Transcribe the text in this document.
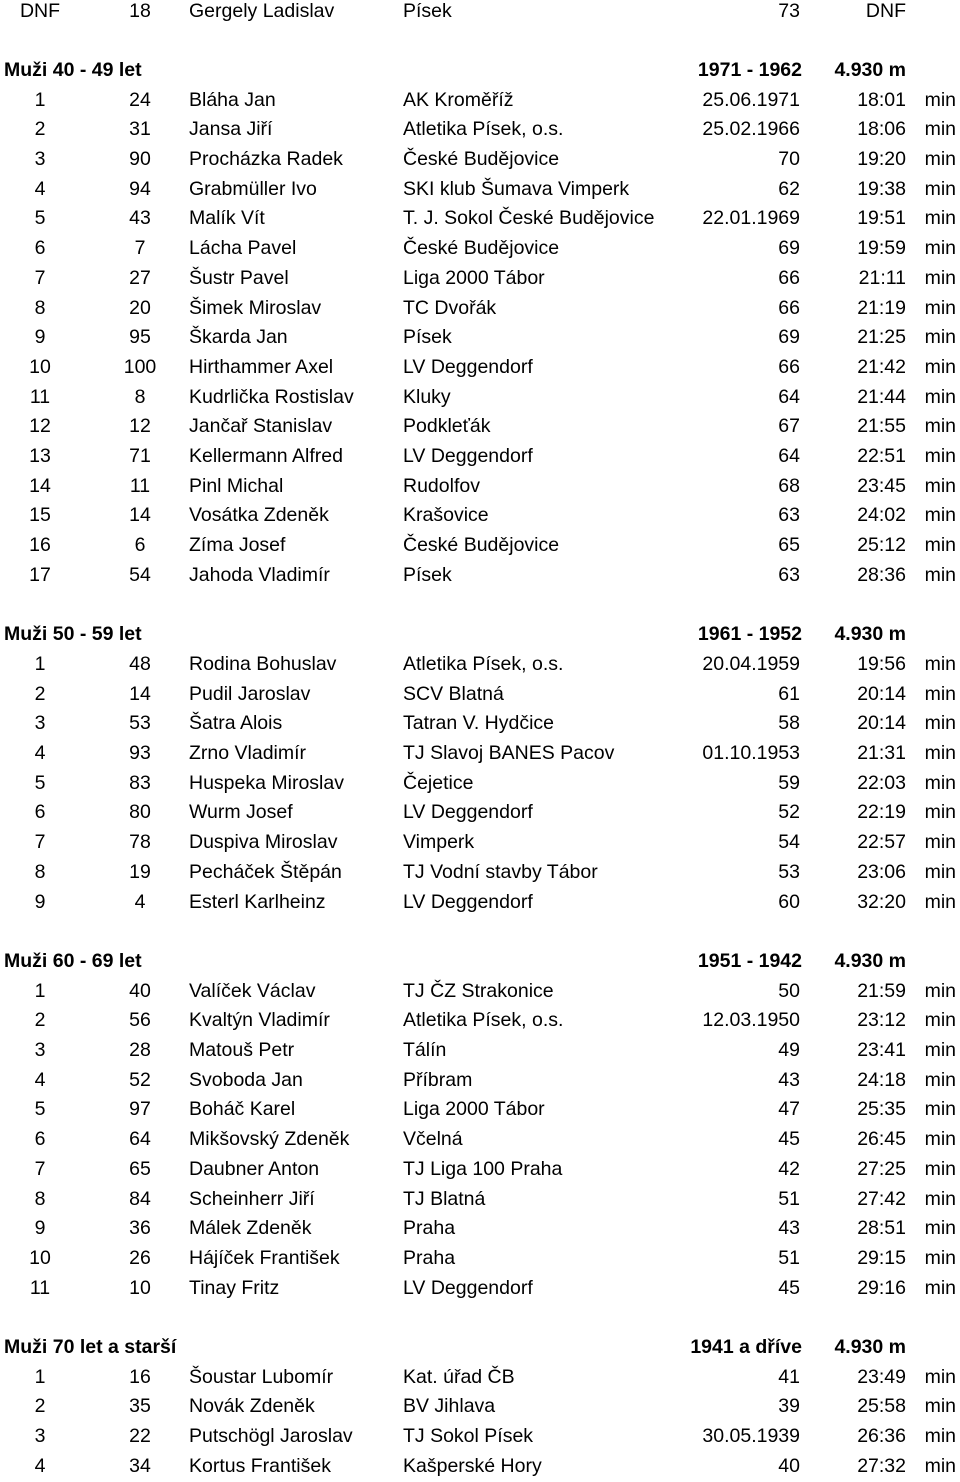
DNF	18	Gergely Ladislav	Písek	73	DNF
Muži 40 - 49 let	1971 - 1962 4.930 m
1	24	Bláha Jan	AK Kroměříž	25.06.1971	18:01 min
2	31	Jansa Jiří	Atletika Písek, o.s.	25.02.1966	18:06 min
3	90	Procházka Radek	České Budějovice	70	19:20 min
4	94	Grabmüller Ivo	SKI klub Šumava Vimperk	62	19:38 min
5	43	Malík Vít	T. J. Sokol České Budějovice 22.01.1969	19:51 min
6	7	Lácha Pavel	České Budějovice	69	19:59 min
7	27	Šustr Pavel	Liga 2000 Tábor	66	21:11 min
8	20	Šimek Miroslav	TC Dvořák	66	21:19 min
9	95	Škarda Jan	Písek	69	21:25 min
10	100	Hirthammer Axel	LV Deggendorf	66	21:42 min
11	8	Kudrlička Rostislav	Kluky	64	21:44 min
12	12	Jančař Stanislav	Podkleťák	67	21:55 min
13	71	Kellermann Alfred	LV Deggendorf	64	22:51 min
14	11	Pinl Michal	Rudolfov	68	23:45 min
15	14	Vosátka Zdeněk	Krašovice	63	24:02 min
16	6	Zíma Josef	České Budějovice	65	25:12 min
17	54	Jahoda Vladimír	Písek	63	28:36 min
Muži 50 - 59 let	1961 - 1952 4.930 m
1	48	Rodina Bohuslav	Atletika Písek, o.s.	20.04.1959	19:56 min
2	14	Pudil Jaroslav	SCV Blatná	61	20:14 min
3	53	Šatra Alois	Tatran V. Hydčice	58	20:14 min
4	93	Zrno Vladimír	TJ Slavoj BANES Pacov	01.10.1953	21:31 min
5	83	Huspeka Miroslav	Čejetice	59	22:03 min
6	80	Wurm Josef	LV Deggendorf	52	22:19 min
7	78	Duspiva Miroslav	Vimperk	54	22:57 min
8	19	Pecháček Štěpán	TJ Vodní stavby Tábor	53	23:06 min
9	4	Esterl Karlheinz	LV Deggendorf	60	32:20 min
Muži 60 - 69 let	1951 - 1942 4.930 m
1	40	Valíček Václav	TJ ČZ Strakonice	50	21:59 min
2	56	Kvaltýn Vladimír	Atletika Písek, o.s.	12.03.1950	23:12 min
3	28	Matouš Petr	Tálín	49	23:41 min
4	52	Svoboda Jan	Příbram	43	24:18 min
5	97	Boháč Karel	Liga 2000 Tábor	47	25:35 min
6	64	Mikšovský Zdeněk	Včelná	45	26:45 min
7	65	Daubner Anton	TJ Liga 100 Praha	42	27:25 min
8	84	Scheinherr Jiří	TJ Blatná	51	27:42 min
9	36	Málek Zdeněk	Praha	43	28:51 min
10	26	Hájíček František	Praha	51	29:15 min
11	10	Tinay Fritz	LV Deggendorf	45	29:16 min
Muži 70 let a starší	1941 a dříve 4.930 m
1	16	Šoustar Lubomír	Kat. úřad ČB	41	23:49 min
2	35	Novák Zdeněk	BV Jihlava	39	25:58 min
3	22	Putschögl Jaroslav	TJ Sokol Písek	30.05.1939	26:36 min
4	34	Kortus František	Kašperské Hory	40	27:32 min
